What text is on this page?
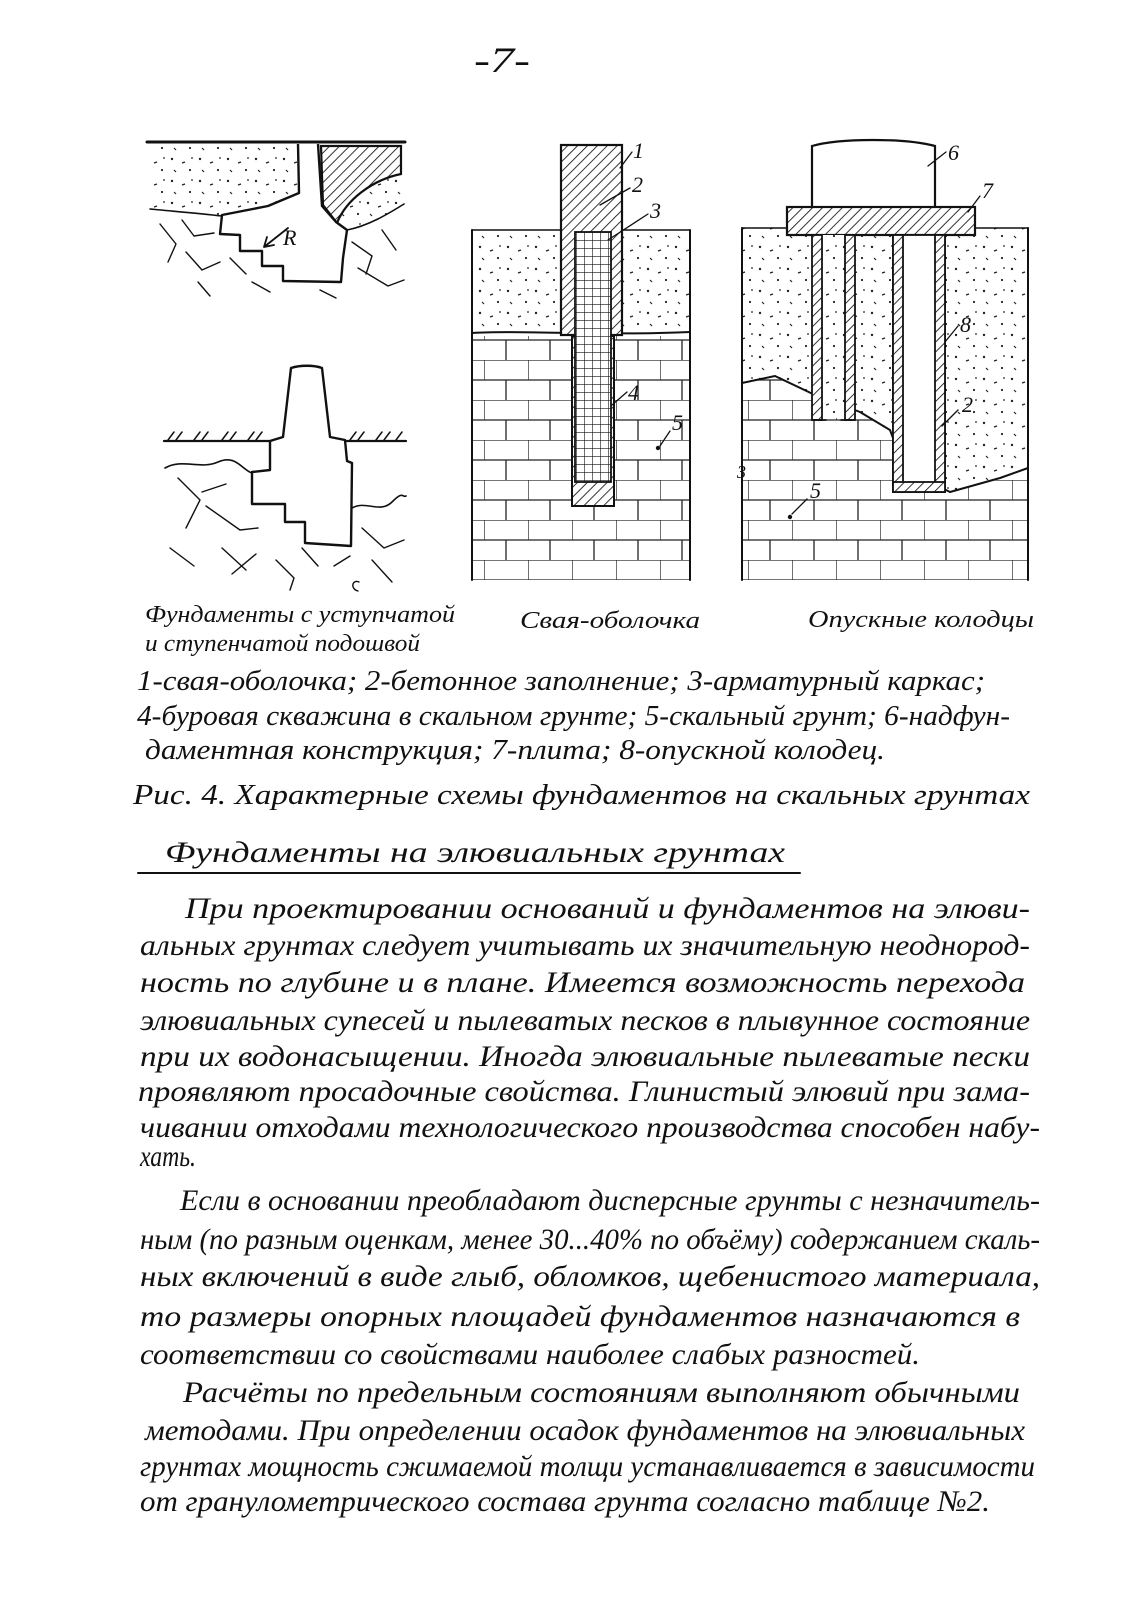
-7-
R
1
2
3
4
5
6
7
8
2
5
3
Фундаменты с уступчатой
и ступенчатой подошвой
Свая-оболочка	Опускные колодцы
1-свая-оболочка; 2-бетонное заполнение; 3-арматурный каркас;
4-буровая скважина в скальном грунте; 5-скальный грунт; 6-надфун-
даментная конструкция; 7-плита; 8-опускной колодец.
Рис. 4. Характерные схемы фундаментов на скальных грунтах
Фундаменты на элювиальных грунтах
При проектировании оснований и фундаментов на элюви-
альных грунтах следует учитывать их значительную неоднород-
ность по глубине и в плане. Имеется возможность перехода
элювиальных супесей и пылеватых песков в плывунное состояние
при их водонасыщении. Иногда элювиальные пылеватые пески
проявляют просадочные свойства. Глинистый элювий при зама-
чивании отходами технологического производства способен набу-
хать.
Если в основании преобладают дисперсные грунты с незначитель-
ным (по разным оценкам, менее 30...40% по объёму) содержанием скаль-
ных включений в виде глыб, обломков, щебенистого материала,
то размеры опорных площадей фундаментов назначаются в
соответствии со свойствами наиболее слабых разностей.
Расчёты по предельным состояниям выполняют обычными
методами. При определении осадок фундаментов на элювиальных
грунтах мощность сжимаемой толщи устанавливается в зависимости
от гранулометрического состава грунта согласно таблице №2.
